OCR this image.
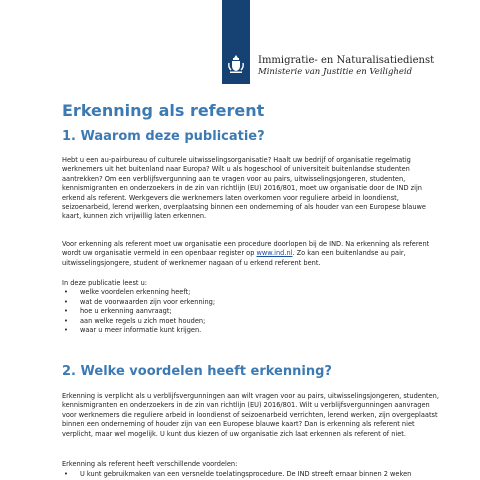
Immigratie- en Naturalisatiedienst
Ministerie van Justitie en Veiligheid
Erkenning als referent
1. Waarom deze publicatie?

Hebt u een au-pairbureau of culturele uitwisselingsorganisatie? Haalt uw bedrijf of organisatie regelmatig werknemers uit het buitenland naar Europa? Wilt u als hogeschool of universiteit buitenlandse studenten aantrekken? Om een verblijfsvergunning aan te vragen voor au pairs, uitwisselingsjongeren, studenten, kennismigranten en onderzoekers in de zin van richtlijn (EU) 2016/801, moet uw organisatie door de IND zijn erkend als referent. Werkgevers die werknemers laten overkomen voor reguliere arbeid in loondienst, seizoenarbeid, lerend werken, overplaatsing binnen een onderneming of als houder van een Europese blauwe kaart, kunnen zich vrijwillig laten erkennen.

Voor erkenning als referent moet uw organisatie een procedure doorlopen bij de IND. Na erkenning als referent wordt uw organisatie vermeld in een openbaar register op www.ind.nl. Zo kan een buitenlandse au pair, uitwisselingsjongere, student of werknemer nagaan of u erkend referent bent.

In deze publicatie leest u:

• welke voordelen erkenning heeft;
• wat de voorwaarden zijn voor erkenning;
• hoe u erkenning aanvraagt;
• aan welke regels u zich moet houden;
• waar u meer informatie kunt krijgen.
2. Welke voordelen heeft erkenning?

Erkenning is verplicht als u verblijfsvergunningen aan wilt vragen voor au pairs, uitwisselingsjongeren, studenten, kennismigranten en onderzoekers in de zin van richtlijn (EU) 2016/801. Wilt u verblijfsvergunningen aanvragen voor werknemers die reguliere arbeid in loondienst of seizoenarbeid verrichten, lerend werken, zijn overgeplaatst binnen een onderneming of houder zijn van een Europese blauwe kaart? Dan is erkenning als referent niet verplicht, maar wel mogelijk. U kunt dus kiezen of uw organisatie zich laat erkennen als referent of niet.

Erkenning als referent heeft verschillende voordelen:

• U kunt gebruikmaken van een versnelde toelatingsprocedure. De IND streeft ernaar binnen 2 weken
